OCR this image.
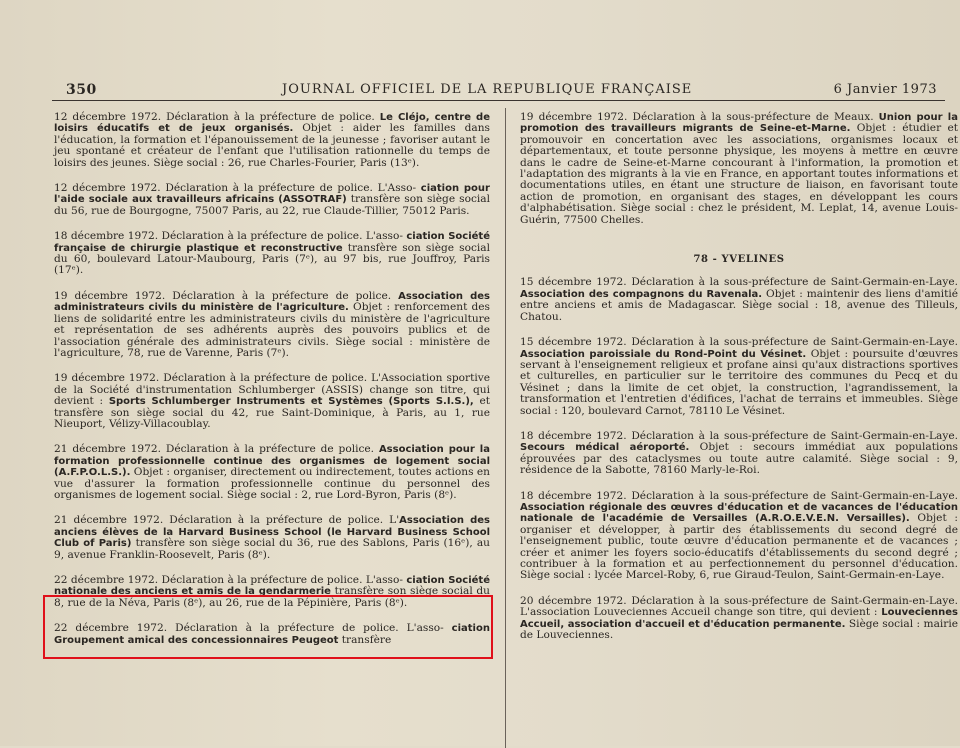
350	JOURNAL OFFICIEL DE LA REPUBLIQUE FRANÇAISE	6 Janvier 1973

12 décembre 1972. Déclaration à la préfecture de police. Le Cléjo, centre de loisirs éducatifs et de jeux organisés. Objet : aider les familles dans l'éducation, la formation et l'épanouissement de la jeunesse ; favoriser autant le jeu spontané et créateur de l'enfant que l'utilisation rationnelle du temps de loisirs des jeunes. Siège social : 26, rue Charles-Fourier, Paris (13ᵉ).

12 décembre 1972. Déclaration à la préfecture de police. L'Asso- ciation pour l'aide sociale aux travailleurs africains (ASSOTRAF) transfère son siège social du 56, rue de Bourgogne, 75007 Paris, au 22, rue Claude-Tillier, 75012 Paris.

18 décembre 1972. Déclaration à la préfecture de police. L'asso- ciation Société française de chirurgie plastique et reconstructive transfère son siège social du 60, boulevard Latour-Maubourg, Paris (7ᵉ), au 97 bis, rue Jouffroy, Paris (17ᵉ).

19 décembre 1972. Déclaration à la préfecture de police. Association des administrateurs civils du ministère de l'agriculture. Objet : renforcement des liens de solidarité entre les administrateurs civils du ministère de l'agriculture et représentation de ses adhérents auprès des pouvoirs publics et de l'association générale des administrateurs civils. Siège social : ministère de l'agriculture, 78, rue de Varenne, Paris (7ᵉ).

19 décembre 1972. Déclaration à la préfecture de police. L'Association sportive de la Société d'instrumentation Schlumberger (ASSIS) change son titre, qui devient : Sports Schlumberger Instruments et Systèmes (Sports S.I.S.), et transfère son siège social du 42, rue Saint-Dominique, à Paris, au 1, rue Nieuport, Vélizy-Villacoublay.

21 décembre 1972. Déclaration à la préfecture de police. Association pour la formation professionnelle continue des organismes de logement social (A.F.P.O.L.S.). Objet : organiser, directement ou indirectement, toutes actions en vue d'assurer la formation professionnelle continue du personnel des organismes de logement social. Siège social : 2, rue Lord-Byron, Paris (8ᵉ).

21 décembre 1972. Déclaration à la préfecture de police. L'Association des anciens élèves de la Harvard Business School (le Harvard Business School Club of Paris) transfère son siège social du 36, rue des Sablons, Paris (16ᵉ), au 9, avenue Franklin-Roosevelt, Paris (8ᵉ).

22 décembre 1972. Déclaration à la préfecture de police. L'asso- ciation Société nationale des anciens et amis de la gendarmerie transfère son siège social du 8, rue de la Néva, Paris (8ᵉ), au 26, rue de la Pépinière, Paris (8ᵉ).

22 décembre 1972. Déclaration à la préfecture de police. L'asso- ciation Groupement amical des concessionnaires Peugeot transfère

19 décembre 1972. Déclaration à la sous-préfecture de Meaux. Union pour la promotion des travailleurs migrants de Seine-et-Marne. Objet : étudier et promouvoir en concertation avec les associations, organismes locaux et départementaux, et toute personne physique, les moyens à mettre en œuvre dans le cadre de Seine-et-Marne concourant à l'information, la promotion et l'adaptation des migrants à la vie en France, en apportant toutes informations et documentations utiles, en étant une structure de liaison, en favorisant toute action de promotion, en organisant des stages, en développant les cours d'alphabétisation. Siège social : chez le président, M. Leplat, 14, avenue Louis-Guérin, 77500 Chelles.

78 - YVELINES

15 décembre 1972. Déclaration à la sous-préfecture de Saint-Germain-en-Laye. Association des compagnons du Ravenala. Objet : maintenir des liens d'amitié entre anciens et amis de Madagascar. Siège social : 18, avenue des Tilleuls, Chatou.

15 décembre 1972. Déclaration à la sous-préfecture de Saint-Germain-en-Laye. Association paroissiale du Rond-Point du Vésinet. Objet : poursuite d'œuvres servant à l'enseignement religieux et profane ainsi qu'aux distractions sportives et culturelles, en particulier sur le territoire des communes du Pecq et du Vésinet ; dans la limite de cet objet, la construction, l'agrandissement, la transformation et l'entretien d'édifices, l'achat de terrains et immeubles. Siège social : 120, boulevard Carnot, 78110 Le Vésinet.

18 décembre 1972. Déclaration à la sous-préfecture de Saint-Germain-en-Laye. Secours médical aéroporté. Objet : secours immédiat aux populations éprouvées par des cataclysmes ou toute autre calamité. Siège social : 9, résidence de la Sabotte, 78160 Marly-le-Roi.

18 décembre 1972. Déclaration à la sous-préfecture de Saint-Germain-en-Laye. Association régionale des œuvres d'éducation et de vacances de l'éducation nationale de l'académie de Versailles (A.R.O.E.V.E.N. Versailles). Objet : organiser et développer, à partir des établissements du second degré de l'enseignement public, toute œuvre d'éducation permanente et de vacances ; créer et animer les foyers socio-éducatifs d'établissements du second degré ; contribuer à la formation et au perfectionnement du personnel d'éducation. Siège social : lycée Marcel-Roby, 6, rue Giraud-Teulon, Saint-Germain-en-Laye.

20 décembre 1972. Déclaration à la sous-préfecture de Saint-Germain-en-Laye. L'association Louveciennes Accueil change son titre, qui devient : Louveciennes Accueil, association d'accueil et d'éducation permanente. Siège social : mairie de Louveciennes.
